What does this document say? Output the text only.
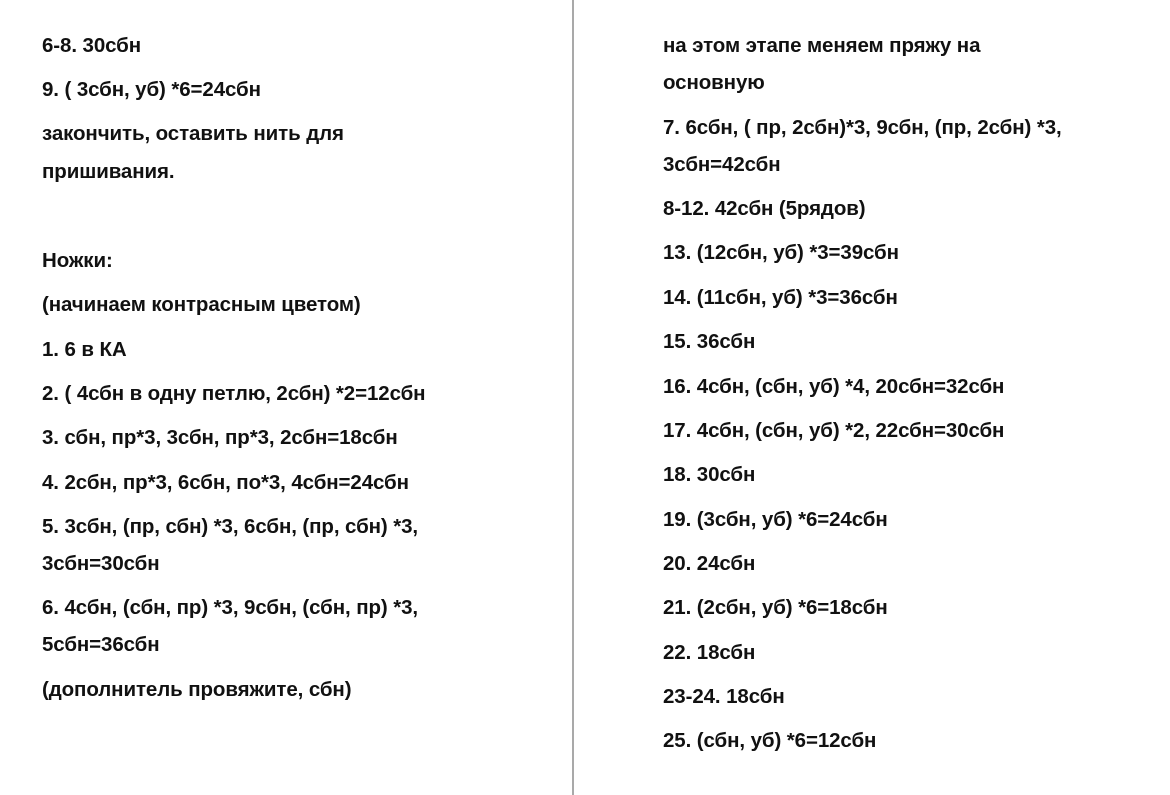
6-8. 30сбн
9. ( 3сбн, уб) *6=24сбн
закончить, оставить нить для
пришивания.
Ножки:
(начинаем контрасным цветом)
1. 6 в КА
2. ( 4сбн в одну петлю, 2сбн) *2=12сбн
3. сбн, пр*3, 3сбн, пр*3, 2сбн=18сбн
4. 2сбн, пр*3, 6сбн, по*3, 4сбн=24сбн
5. 3сбн, (пр, сбн) *3, 6сбн, (пр, сбн) *3,
3сбн=30сбн
6. 4сбн, (сбн, пр) *3, 9сбн, (сбн, пр) *3,
5сбн=36сбн
(дополнитель провяжите, сбн)
на этом этапе меняем пряжу на
основную
7. 6сбн, ( пр, 2сбн)*3, 9сбн, (пр, 2сбн) *3,
3сбн=42сбн
8-12. 42сбн (5рядов)
13. (12сбн, уб) *3=39сбн
14. (11сбн, уб) *3=36сбн
15. 36сбн
16. 4сбн, (сбн, уб) *4, 20сбн=32сбн
17. 4сбн, (сбн, уб) *2, 22сбн=30сбн
18. 30сбн
19. (3сбн, уб) *6=24сбн
20. 24сбн
21. (2сбн, уб) *6=18сбн
22. 18сбн
23-24. 18сбн
25. (сбн, уб) *6=12сбн
